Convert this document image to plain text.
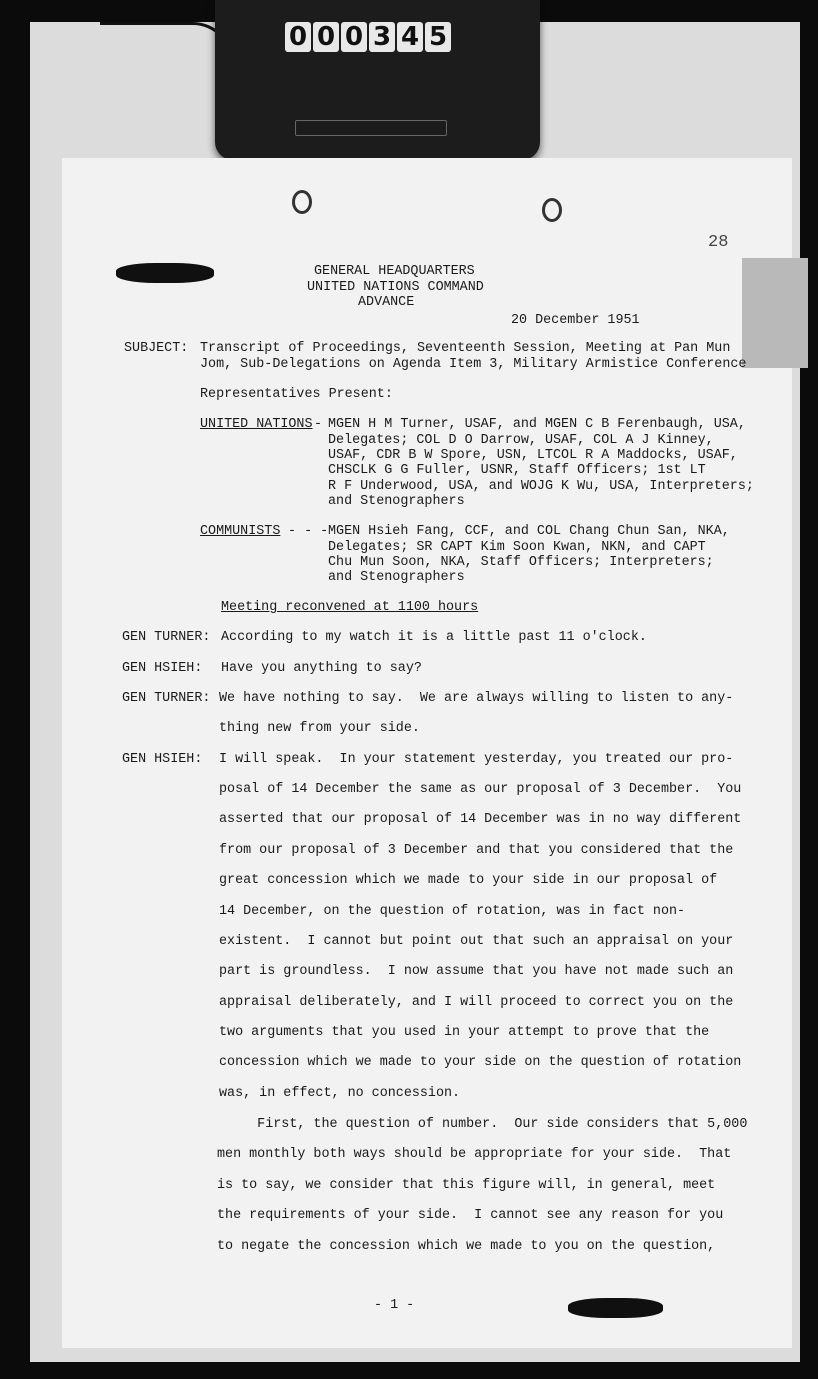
0 0 0 3 4 5
28
GENERAL HEADQUARTERS
UNITED NATIONS COMMAND
ADVANCE
20 December 1951
SUBJECT: Transcript of Proceedings, Seventeenth Session, Meeting at Pan Mun
Jom, Sub-Delegations on Agenda Item 3, Military Armistice Conference
Representatives Present:
UNITED NATIONS
-
MGEN H M Turner, USAF, and MGEN C B Ferenbaugh, USA,
Delegates; COL D O Darrow, USAF, COL A J Kinney,
USAF, CDR B W Spore, USN, LTCOL R A Maddocks, USAF,
CHSCLK G G Fuller, USNR, Staff Officers; 1st LT
R F Underwood, USA, and WOJG K Wu, USA, Interpreters;
and Stenographers
COMMUNISTS - - -
MGEN Hsieh Fang, CCF, and COL Chang Chun San, NKA,
Delegates; SR CAPT Kim Soon Kwan, NKN, and CAPT
Chu Mun Soon, NKA, Staff Officers; Interpreters;
and Stenographers
Meeting reconvened at 1100 hours
GEN TURNER: According to my watch it is a little past 11 o'clock.
GEN HSIEH: Have you anything to say?
GEN TURNER: We have nothing to say.  We are always willing to listen to any-
thing new from your side.
GEN HSIEH: I will speak.  In your statement yesterday, you treated our pro-
posal of 14 December the same as our proposal of 3 December.  You
asserted that our proposal of 14 December was in no way different
from our proposal of 3 December and that you considered that the
great concession which we made to your side in our proposal of
14 December, on the question of rotation, was in fact non-
existent.  I cannot but point out that such an appraisal on your
part is groundless.  I now assume that you have not made such an
appraisal deliberately, and I will proceed to correct you on the
two arguments that you used in your attempt to prove that the
concession which we made to your side on the question of rotation
was, in effect, no concession.
First, the question of number.  Our side considers that 5,000
men monthly both ways should be appropriate for your side.  That
is to say, we consider that this figure will, in general, meet
the requirements of your side.  I cannot see any reason for you
to negate the concession which we made to you on the question,
- 1 -
